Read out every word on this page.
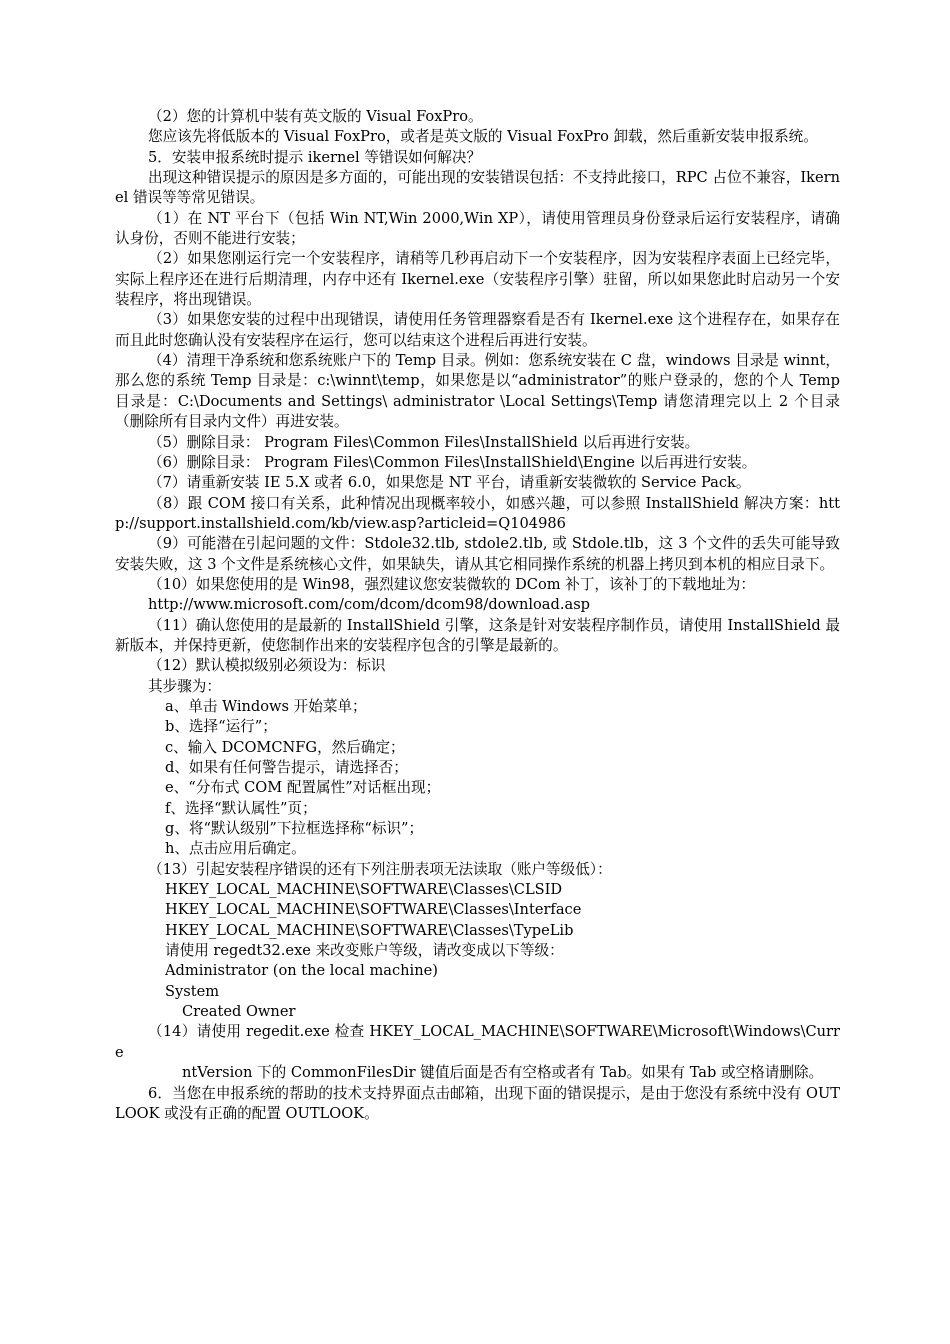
（2）您的计算机中装有英文版的 Visual FoxPro。

您应该先将低版本的 Visual FoxPro，或者是英文版的 Visual FoxPro 卸载，然后重新安装申报系统。

5．安装申报系统时提示 ikernel 等错误如何解决？

出现这种错误提示的原因是多方面的，可能出现的安装错误包括：不支持此接口，RPC 占位不兼容，Ikernel 错误等等常见错误。

（1）在 NT 平台下（包括 Win NT,Win 2000,Win XP），请使用管理员身份登录后运行安装程序，请确认身份，否则不能进行安装；

（2）如果您刚运行完一个安装程序，请稍等几秒再启动下一个安装程序，因为安装程序表面上已经完毕，实际上程序还在进行后期清理，内存中还有 Ikernel.exe（安装程序引擎）驻留，所以如果您此时启动另一个安装程序，将出现错误。

（3）如果您安装的过程中出现错误，请使用任务管理器察看是否有 Ikernel.exe 这个进程存在，如果存在而且此时您确认没有安装程序在运行，您可以结束这个进程后再进行安装。

（4）清理干净系统和您系统账户下的 Temp 目录。例如：您系统安装在 C 盘，windows 目录是 winnt，那么您的系统 Temp 目录是：c:\winnt\temp，如果您是以“administrator”的账户登录的，您的个人 Temp 目录是：C:\Documents and Settings\ administrator \Local Settings\Temp 请您清理完以上 2 个目录（删除所有目录内文件）再进安装。

（5）删除目录： Program Files\Common Files\InstallShield 以后再进行安装。

（6）删除目录： Program Files\Common Files\InstallShield\Engine 以后再进行安装。

（7）请重新安装 IE 5.X 或者 6.0，如果您是 NT 平台，请重新安装微软的 Service Pack。

（8）跟 COM 接口有关系，此种情况出现概率较小，如感兴趣，可以参照 InstallShield 解决方案：http://support.installshield.com/kb/view.asp?articleid=Q104986

（9）可能潜在引起问题的文件：Stdole32.tlb, stdole2.tlb, 或 Stdole.tlb，这 3 个文件的丢失可能导致安装失败，这 3 个文件是系统核心文件，如果缺失，请从其它相同操作系统的机器上拷贝到本机的相应目录下。

（10）如果您使用的是 Win98，强烈建议您安装微软的 DCom 补丁，该补丁的下载地址为：

http://www.microsoft.com/com/dcom/dcom98/download.asp

（11）确认您使用的是最新的 InstallShield 引擎，这条是针对安装程序制作员，请使用 InstallShield 最新版本，并保持更新，使您制作出来的安装程序包含的引擎是最新的。

（12）默认模拟级别必须设为：标识

其步骤为：

a、单击 Windows 开始菜单；

b、选择“运行”；

c、输入 DCOMCNFG，然后确定；

d、如果有任何警告提示，请选择否；

e、“分布式 COM 配置属性”对话框出现；

f、选择“默认属性”页；

g、将“默认级别”下拉框选择称“标识”；

h、点击应用后确定。

（13）引起安装程序错误的还有下列注册表项无法读取（账户等级低）：

HKEY_LOCAL_MACHINE\SOFTWARE\Classes\CLSID

HKEY_LOCAL_MACHINE\SOFTWARE\Classes\Interface

HKEY_LOCAL_MACHINE\SOFTWARE\Classes\TypeLib

请使用 regedt32.exe 来改变账户等级，请改变成以下等级：

Administrator (on the local machine)

System

Created Owner

（14）请使用 regedit.exe 检查 HKEY_LOCAL_MACHINE\SOFTWARE\Microsoft\Windows\Curre

ntVersion 下的 CommonFilesDir 键值后面是否有空格或者有 Tab。如果有 Tab 或空格请删除。

6．当您在申报系统的帮助的技术支持界面点击邮箱，出现下面的错误提示，是由于您没有系统中没有 OUTLOOK 或没有正确的配置 OUTLOOK。
